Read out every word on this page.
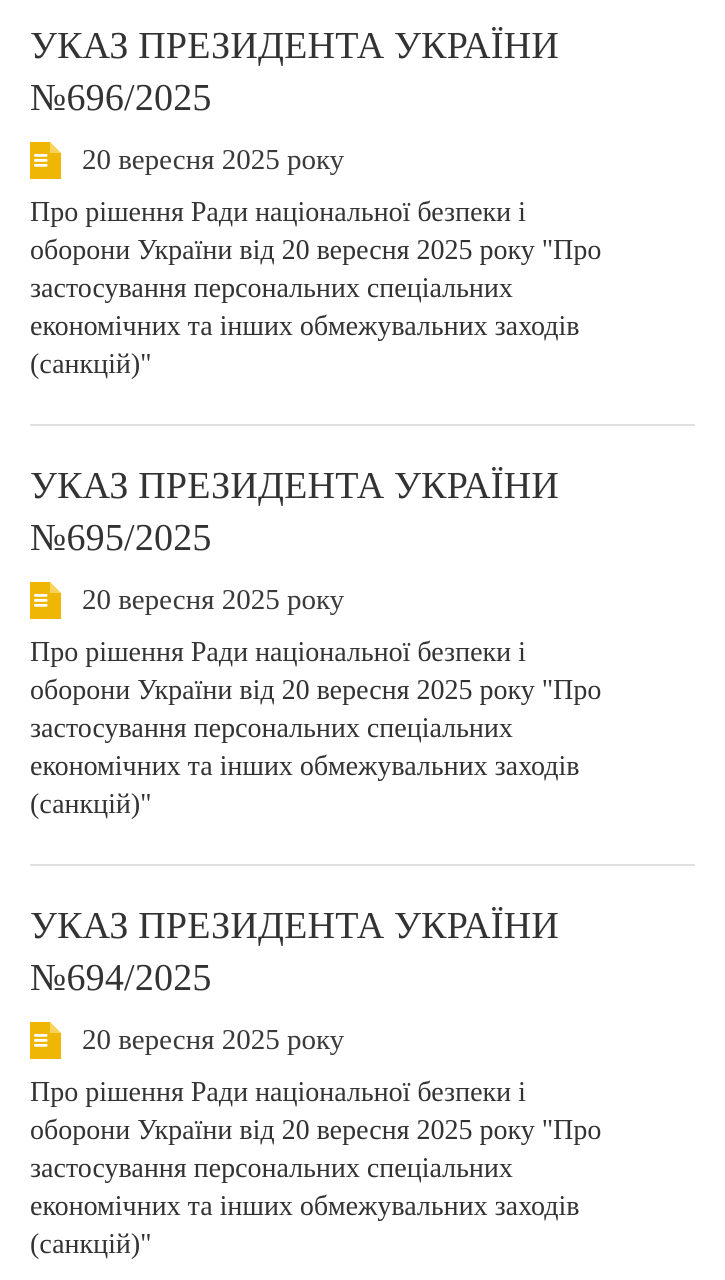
УКАЗ ПРЕЗИДЕНТА УКРАЇНИ
№696/2025
20 вересня 2025 року

Про рішення Ради національної безпеки і
оборони України від 20 вересня 2025 року "Про
застосування персональних спеціальних
економічних та інших обмежувальних заходів
(санкцій)"

УКАЗ ПРЕЗИДЕНТА УКРАЇНИ
№695/2025
20 вересня 2025 року

Про рішення Ради національної безпеки і
оборони України від 20 вересня 2025 року "Про
застосування персональних спеціальних
економічних та інших обмежувальних заходів
(санкцій)"

УКАЗ ПРЕЗИДЕНТА УКРАЇНИ
№694/2025
20 вересня 2025 року

Про рішення Ради національної безпеки і
оборони України від 20 вересня 2025 року "Про
застосування персональних спеціальних
економічних та інших обмежувальних заходів
(санкцій)"
